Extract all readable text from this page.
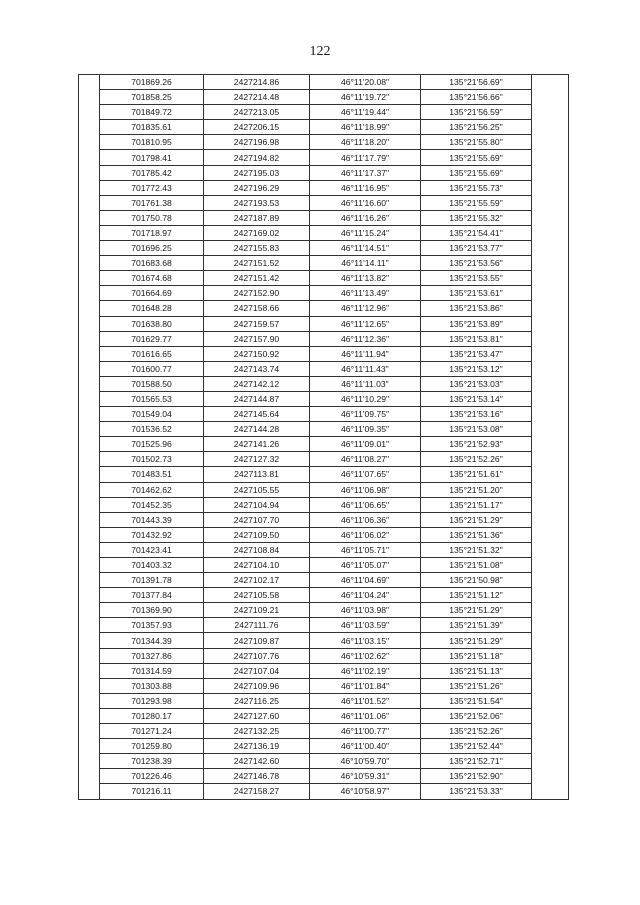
122
	701869.26	2427214.86	46°11'20.08"	135°21'56.69"	
	701858.25	2427214.48	46°11'19.72"	135°21'56.66"	
	701849.72	2427213.05	46°11'19.44"	135°21'56.59"	
	701835.61	2427206.15	46°11'18.99"	135°21'56.25"	
	701810.95	2427196.98	46°11'18.20"	135°21'55.80"	
	701798.41	2427194.82	46°11'17.79"	135°21'55.69"	
	701785.42	2427195.03	46°11'17.37"	135°21'55.69"	
	701772.43	2427196.29	46°11'16.95"	135°21'55.73"	
	701761.38	2427193.53	46°11'16.60"	135°21'55.59"	
	701750.78	2427187.89	46°11'16.26"	135°21'55.32"	
	701718.97	2427169.02	46°11'15.24"	135°21'54.41"	
	701696.25	2427155.83	46°11'14.51"	135°21'53.77"	
	701683.68	2427151.52	46°11'14.11"	135°21'53.56"	
	701674.68	2427151.42	46°11'13.82"	135°21'53.55"	
	701664.69	2427152.90	46°11'13.49"	135°21'53.61"	
	701648.28	2427158.66	46°11'12.96"	135°21'53.86"	
	701638.80	2427159.57	46°11'12.65"	135°21'53.89"	
	701629.77	2427157.90	46°11'12.36"	135°21'53.81"	
	701616.65	2427150.92	46°11'11.94"	135°21'53.47"	
	701600.77	2427143.74	46°11'11.43"	135°21'53.12"	
	701588.50	2427142.12	46°11'11.03"	135°21'53.03"	
	701565.53	2427144.87	46°11'10.29"	135°21'53.14"	
	701549.04	2427145.64	46°11'09.75"	135°21'53.16"	
	701536.52	2427144.28	46°11'09.35"	135°21'53.08"	
	701525.96	2427141.26	46°11'09.01"	135°21'52.93"	
	701502.73	2427127.32	46°11'08.27"	135°21'52.26"	
	701483.51	2427113.81	46°11'07.65"	135°21'51.61"	
	701462.62	2427105.55	46°11'06.98"	135°21'51.20"	
	701452.35	2427104.94	46°11'06.65"	135°21'51.17"	
	701443.39	2427107.70	46°11'06.36"	135°21'51.29"	
	701432.92	2427109.50	46°11'06.02"	135°21'51.36"	
	701423.41	2427108.84	46°11'05.71"	135°21'51.32"	
	701403.32	2427104.10	46°11'05.07"	135°21'51.08"	
	701391.78	2427102.17	46°11'04.69"	135°21'50.98"	
	701377.84	2427105.58	46°11'04.24"	135°21'51.12"	
	701369.90	2427109.21	46°11'03.98"	135°21'51.29"	
	701357.93	2427111.76	46°11'03.59"	135°21'51.39"	
	701344.39	2427109.87	46°11'03.15"	135°21'51.29"	
	701327.86	2427107.76	46°11'02.62"	135°21'51.18"	
	701314.59	2427107.04	46°11'02.19"	135°21'51.13"	
	701303.88	2427109.96	46°11'01.84"	135°21'51.26"	
	701293.98	2427116.25	46°11'01.52"	135°21'51.54"	
	701280.17	2427127.60	46°11'01.06"	135°21'52.06"	
	701271.24	2427132.25	46°11'00.77"	135°21'52.26"	
	701259.80	2427136.19	46°11'00.40"	135°21'52.44"	
	701238.39	2427142.60	46°10'59.70"	135°21'52.71"	
	701226.46	2427146.78	46°10'59.31"	135°21'52.90"	
	701216.11	2427158.27	46°10'58.97"	135°21'53.33"	
